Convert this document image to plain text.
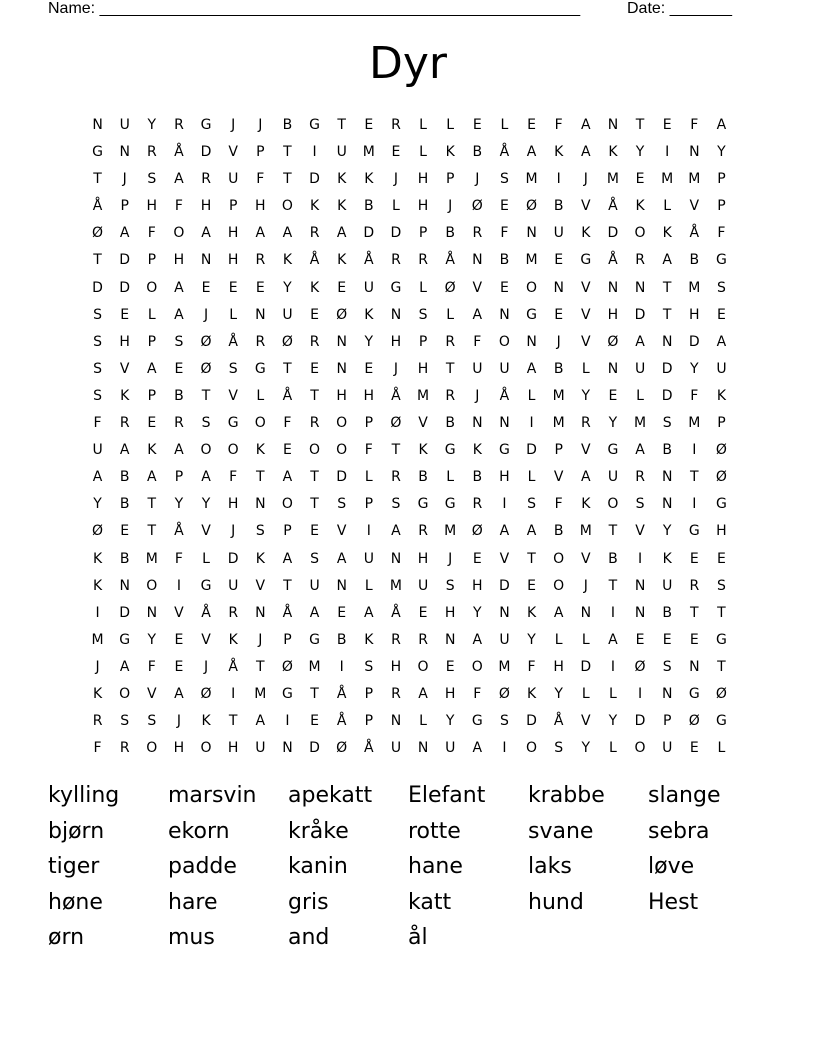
Name: ______________________________________________________	Date: _______
Dyr
N	U	Y	R	G	J	J	B	G	T	E	R	L	L	E	L	E	F	A	N	T	E	F	A
G	N	R	Å	D	V	P	T	I	U	M	E	L	K	B	Å	A	K	A	K	Y	I	N	Y
T	J	S	A	R	U	F	T	D	K	K	J	H	P	J	S	M	I	J	M	E	M	M	P
Å	P	H	F	H	P	H	O	K	K	B	L	H	J	Ø	E	Ø	B	V	Å	K	L	V	P
Ø	A	F	O	A	H	A	A	R	A	D	D	P	B	R	F	N	U	K	D	O	K	Å	F
T	D	P	H	N	H	R	K	Å	K	Å	R	R	Å	N	B	M	E	G	Å	R	A	B	G
D	D	O	A	E	E	E	Y	K	E	U	G	L	Ø	V	E	O	N	V	N	N	T	M	S
S	E	L	A	J	L	N	U	E	Ø	K	N	S	L	A	N	G	E	V	H	D	T	H	E
S	H	P	S	Ø	Å	R	Ø	R	N	Y	H	P	R	F	O	N	J	V	Ø	A	N	D	A
S	V	A	E	Ø	S	G	T	E	N	E	J	H	T	U	U	A	B	L	N	U	D	Y	U
S	K	P	B	T	V	L	Å	T	H	H	Å	M	R	J	Å	L	M	Y	E	L	D	F	K
F	R	E	R	S	G	O	F	R	O	P	Ø	V	B	N	N	I	M	R	Y	M	S	M	P
U	A	K	A	O	O	K	E	O	O	F	T	K	G	K	G	D	P	V	G	A	B	I	Ø
A	B	A	P	A	F	T	A	T	D	L	R	B	L	B	H	L	V	A	U	R	N	T	Ø
Y	B	T	Y	Y	H	N	O	T	S	P	S	G	G	R	I	S	F	K	O	S	N	I	G
Ø	E	T	Å	V	J	S	P	E	V	I	A	R	M	Ø	A	A	B	M	T	V	Y	G	H
K	B	M	F	L	D	K	A	S	A	U	N	H	J	E	V	T	O	V	B	I	K	E	E
K	N	O	I	G	U	V	T	U	N	L	M	U	S	H	D	E	O	J	T	N	U	R	S
I	D	N	V	Å	R	N	Å	A	E	A	Å	E	H	Y	N	K	A	N	I	N	B	T	T
M	G	Y	E	V	K	J	P	G	B	K	R	R	N	A	U	Y	L	L	A	E	E	E	G
J	A	F	E	J	Å	T	Ø	M	I	S	H	O	E	O	M	F	H	D	I	Ø	S	N	T
K	O	V	A	Ø	I	M	G	T	Å	P	R	A	H	F	Ø	K	Y	L	L	I	N	G	Ø
R	S	S	J	K	T	A	I	E	Å	P	N	L	Y	G	S	D	Å	V	Y	D	P	Ø	G
F	R	O	H	O	H	U	N	D	Ø	Å	U	N	U	A	I	O	S	Y	L	O	U	E	L
kylling	marsvin	apekatt	Elefant	krabbe	slange
bjørn	ekorn	kråke	rotte	svane	sebra
tiger	padde	kanin	hane	laks	løve
høne	hare	gris	katt	hund	Hest
ørn	mus	and	ål
